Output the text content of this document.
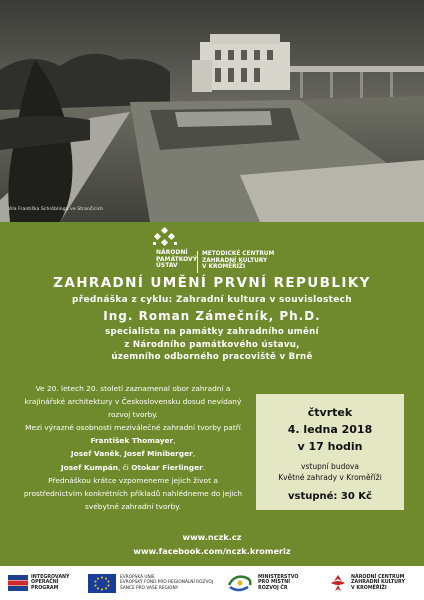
Vila Františka Schröblinga ve Strančicích
NÁRODNÍ
PAMÁTKOVÝ
ÚSTAV
METODICKÉ CENTRUM
ZAHRADNÍ KULTURY
V KROMĚŘÍŽI
ZAHRADNÍ UMĚNÍ PRVNÍ REPUBLIKY
přednáška z cyklu: Zahradní kultura v souvislostech
Ing. Roman Zámečník, Ph.D.
specialista na památky zahradního umění
z Národního památkového ústavu,
územního odborného pracoviště v Brně
Ve 20. letech 20. století zaznamenal obor zahradní a krajinářské architektury v Československu dosud nevídaný rozvoj tvorby.
Mezi výrazné osobnosti meziválečné zahradní tvorby patří
František Thomayer,
Josef Vaněk, Josef Miniberger,
Josef Kumpán, či Otokar Fierlinger.
Přednáškou krátce vzpomeneme jejich život a prostřednictvím konkrétních příkladů nahlédneme do jejich svébytné zahradní tvorby.
čtvrtek
4. ledna 2018
v 17 hodin
vstupní budova
Květné zahrady v Kroměříži
vstupné: 30 Kč
www.nczk.cz
www.facebook.com/nczk.kromeriz
INTEGROVANÝ
OPERAČNÍ
PROGRAM
EVROPSKÁ UNIE
EVROPSKÝ FOND PRO REGIONÁLNÍ ROZVOJ
ŠANCE PRO VAŠE REGIONY
MINISTERSTVO
PRO MÍSTNÍ
ROZVOJ ČR
NÁRODNÍ CENTRUM
ZAHRADNÍ KULTURY
V KROMĚŘÍŽI
